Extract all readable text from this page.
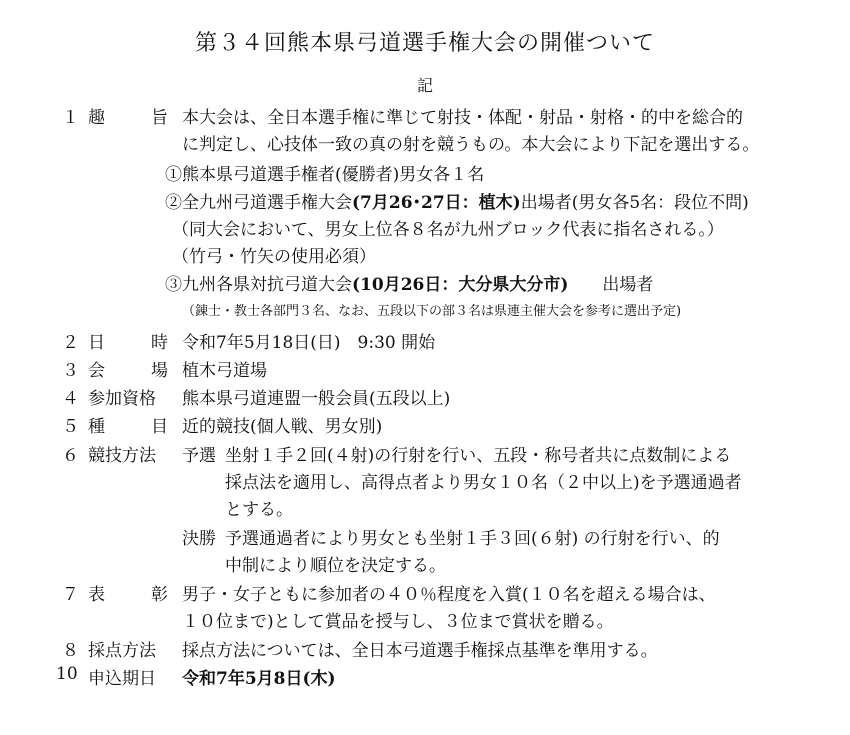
第３４回熊本県弓道選手権大会の開催ついて
記
１ 趣	旨 本大会は、全日本選手権に準じて射技・体配・射品・射格・的中を総合的
に判定し、心技体一致の真の射を競うもの。本大会により下記を選出する。
①熊本県弓道選手権者(優勝者)男女各１名
②全九州弓道選手権大会(7月26･27日：植木)出場者(男女各5名：段位不問)
（同大会において、男女上位各８名が九州ブロック代表に指名される。）
（竹弓・竹矢の使用必須）
③九州各県対抗弓道大会(10月26日：大分県大分市)　　 出場者
（錬士・教士各部門３名、なお、五段以下の部３名は県連主催大会を参考に選出予定)
２ 日	時 令和7年5月18日(日)　9:30 開始
３ 会	場 植木弓道場
４ 参加資格 熊本県弓道連盟一般会員(五段以上)
５ 種	目 近的競技(個人戦、男女別)
６ 競技方法 予選 坐射１手２回(４射)の行射を行い、五段・称号者共に点数制による
採点法を適用し、高得点者より男女１０名（２中以上)を予選通過者
とする。
決勝 予選通過者により男女とも坐射１手３回(６射) の行射を行い、的
中制により順位を決定する。
７ 表	彰 男子・女子ともに参加者の４０％程度を入賞(１０名を超える場合は、
１０位まで)として賞品を授与し、３位まで賞状を贈る。
８ 採点方法 採点方法については、全日本弓道選手権採点基準を準用する。
10 申込期日 令和7年5月8日(木)
